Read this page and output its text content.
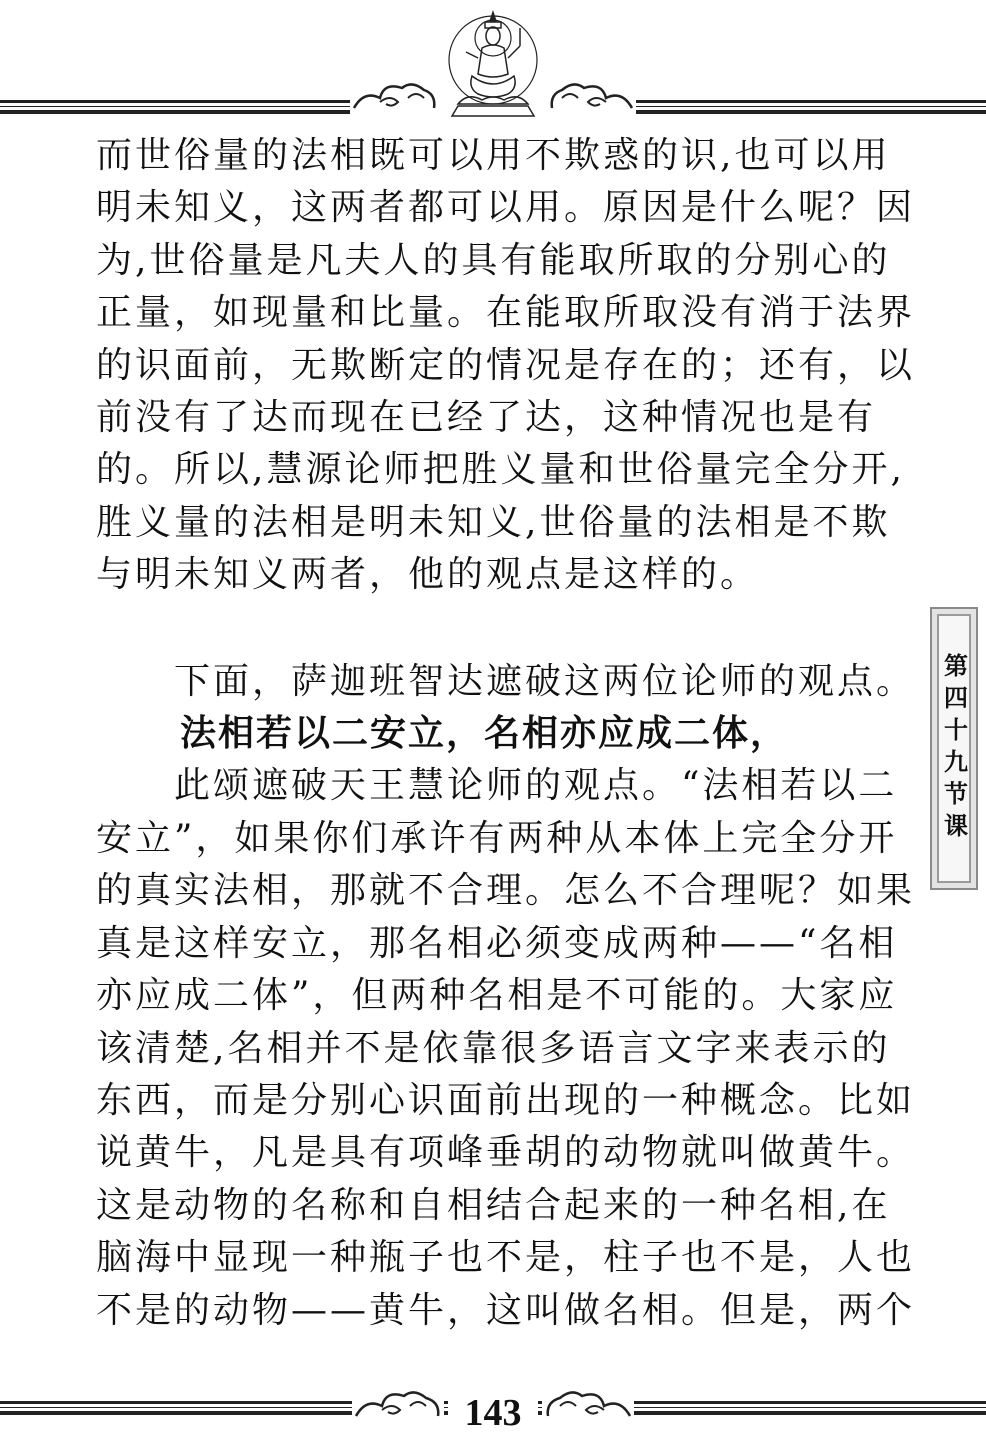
而世俗量的法相既可以用不欺惑的识,也可以用
明未知义，这两者都可以用。原因是什么呢？因
为,世俗量是凡夫人的具有能取所取的分别心的
正量，如现量和比量。在能取所取没有消于法界
的识面前，无欺断定的情况是存在的；还有，以
前没有了达而现在已经了达，这种情况也是有
的。所以,慧源论师把胜义量和世俗量完全分开,
胜义量的法相是明未知义,世俗量的法相是不欺
与明未知义两者，他的观点是这样的。
下面，萨迦班智达遮破这两位论师的观点。
法相若以二安立，名相亦应成二体，
此颂遮破天王慧论师的观点。“法相若以二
安立”，如果你们承许有两种从本体上完全分开
的真实法相，那就不合理。怎么不合理呢？如果
真是这样安立，那名相必须变成两种——“名相
亦应成二体”，但两种名相是不可能的。大家应
该清楚,名相并不是依靠很多语言文字来表示的
东西，而是分别心识面前出现的一种概念。比如
说黄牛，凡是具有项峰垂胡的动物就叫做黄牛。
这是动物的名称和自相结合起来的一种名相,在
脑海中显现一种瓶子也不是，柱子也不是，人也
不是的动物——黄牛，这叫做名相。但是，两个
第四十九节课
143
